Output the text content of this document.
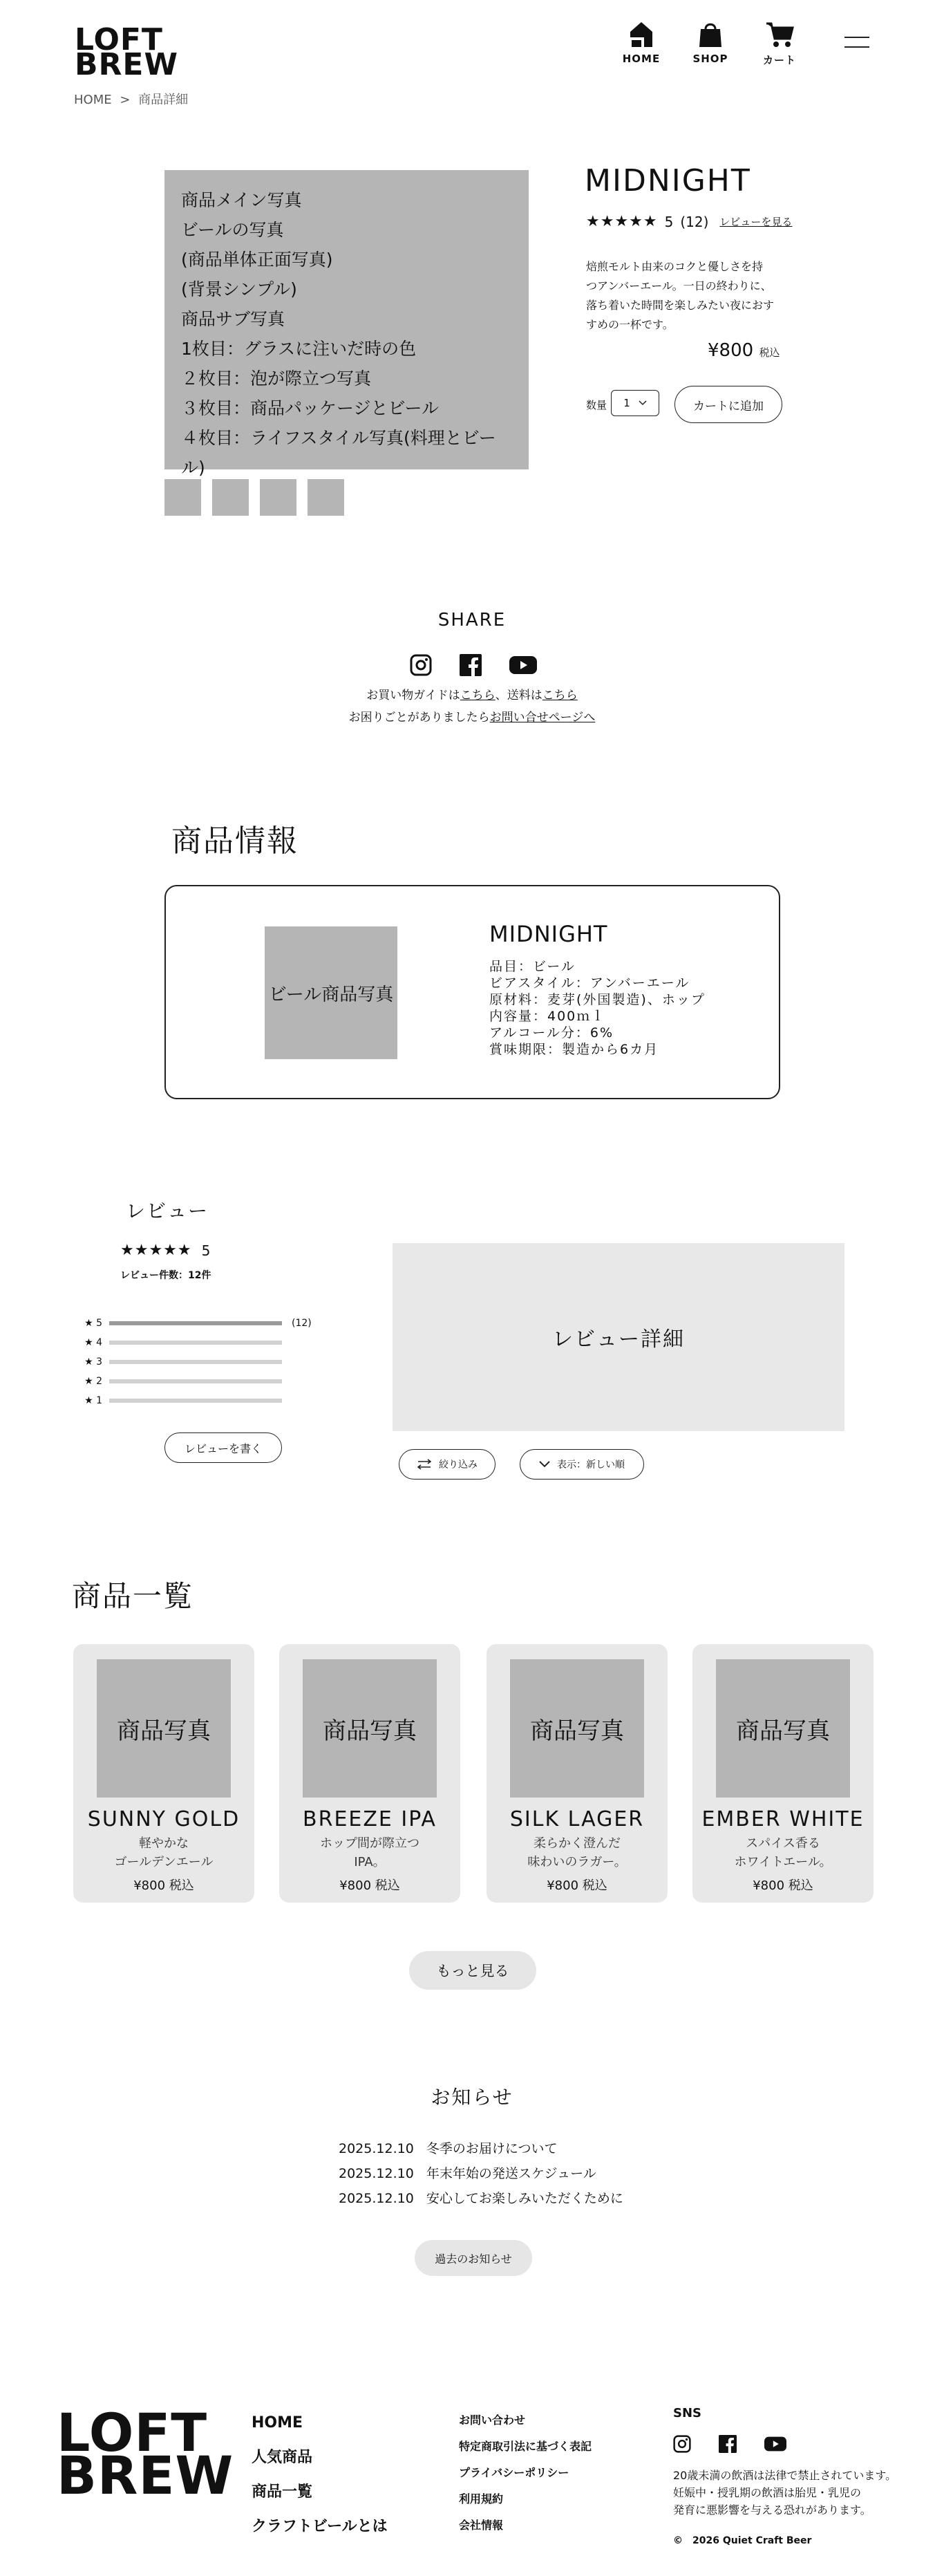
LOFT
BREW	HOME	SHOP	カート
HOME > 商品詳細
商品メイン写真
ビールの写真
(商品単体正面写真)
(背景シンプル)
商品サブ写真
1枚目：グラスに注いだ時の色
２枚目：泡が際立つ写真
３枚目：商品パッケージとビール
４枚目：ライフスタイル写真(料理とビール)
MIDNIGHT
★★★★★ 5 (12) レビューを見る
焙煎モルト由来のコクと優しさを持
つアンバーエール。一日の終わりに、
落ち着いた時間を楽しみたい夜におす
すめの一杯です。
¥800 税込
数量 1	カートに追加
SHARE
お買い物ガイドはこちら、送料はこちら
お困りごとがありましたらお問い合せページへ
商品情報
ビール商品写真
MIDNIGHT
品目：ビール
ビアスタイル：アンバーエール
原材料：麦芽(外国製造)、ホップ
内容量：400ｍｌ
アルコール分：6%
賞味期限：製造から6カ月
レビュー
★★★★★ 5
レビュー件数：12件
★ 5	(12)
★ 4
★ 3
★ 2
★ 1
レビューを書く
レビュー詳細
絞り込み	表示：新しい順
商品一覧
商品写真
SUNNY GOLD
軽やかな
ゴールデンエール
¥800 税込
商品写真
BREEZE IPA
ホップ間が際立つ
IPA。
¥800 税込
商品写真
SILK LAGER
柔らかく澄んだ
味わいのラガー。
¥800 税込
商品写真
EMBER WHITE
スパイス香る
ホワイトエール。
¥800 税込
もっと見る
お知らせ
2025.12.10 冬季のお届けについて
2025.12.10 年末年始の発送スケジュール
2025.12.10 安心してお楽しみいただくために
過去のお知らせ
LOFT
BREW
HOME
人気商品
商品一覧
クラフトビールとは
お問い合わせ
特定商取引法に基づく表記
プライバシーポリシー
利用規約
会社情報
SNS
20歳未満の飲酒は法律で禁止されています。
妊娠中・授乳期の飲酒は胎児・乳児の
発育に悪影響を与える恐れがあります。
©　2026 Quiet Craft Beer
